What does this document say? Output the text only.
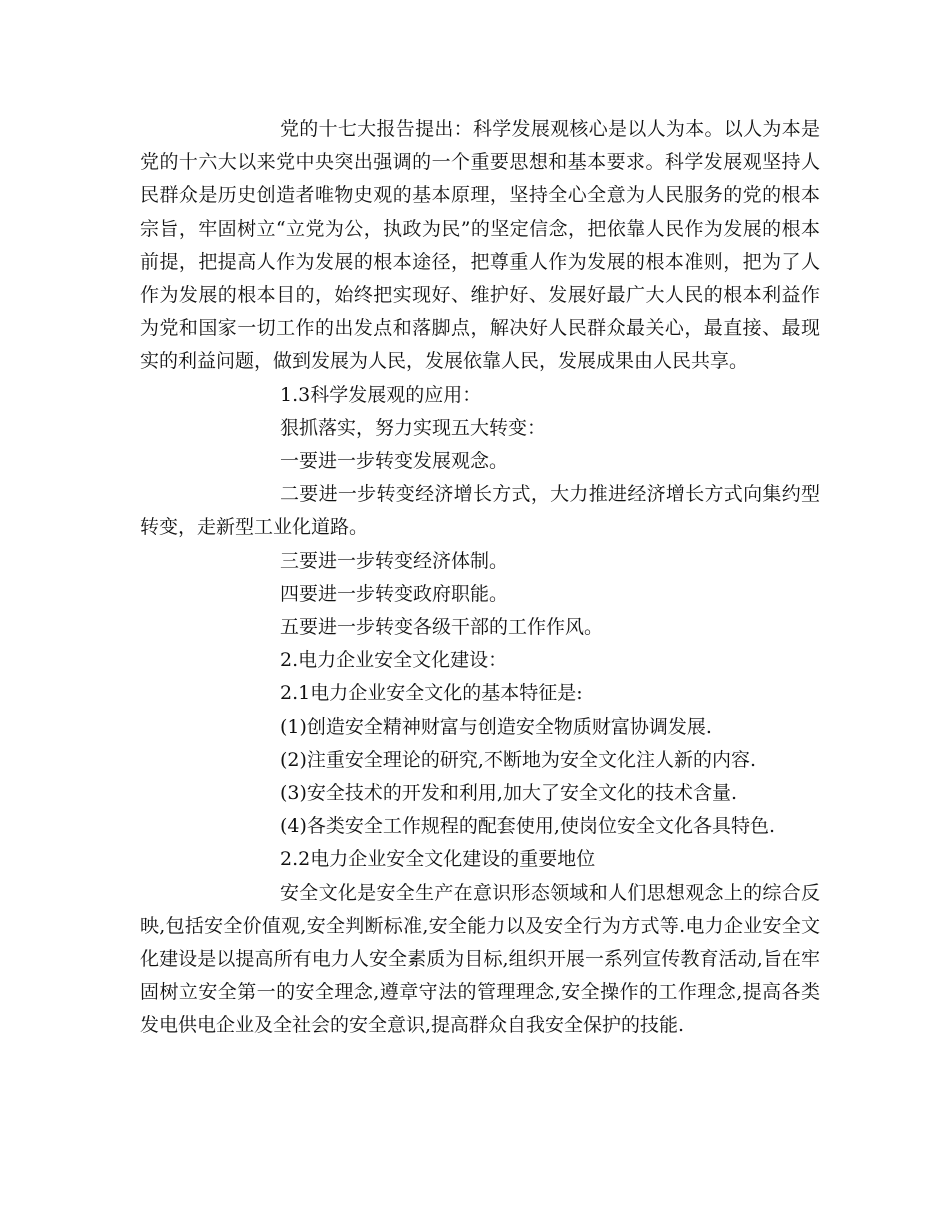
党的十七大报告提出：科学发展观核心是以人为本。以人为本是党的十六大以来党中央突出强调的一个重要思想和基本要求。科学发展观坚持人民群众是历史创造者唯物史观的基本原理，坚持全心全意为人民服务的党的根本宗旨，牢固树立“立党为公，执政为民”的坚定信念，把依靠人民作为发展的根本前提，把提高人作为发展的根本途径，把尊重人作为发展的根本准则，把为了人作为发展的根本目的，始终把实现好、维护好、发展好最广大人民的根本利益作为党和国家一切工作的出发点和落脚点，解决好人民群众最关心，最直接、最现实的利益问题，做到发展为人民，发展依靠人民，发展成果由人民共享。

1.3科学发展观的应用：

狠抓落实，努力实现五大转变：

一要进一步转变发展观念。

二要进一步转变经济增长方式，大力推进经济增长方式向集约型转变，走新型工业化道路。

三要进一步转变经济体制。

四要进一步转变政府职能。

五要进一步转变各级干部的工作作风。

2.电力企业安全文化建设：

2.1电力企业安全文化的基本特征是:

(1)创造安全精神财富与创造安全物质财富协调发展.

(2)注重安全理论的研究,不断地为安全文化注人新的内容.

(3)安全技术的开发和利用,加大了安全文化的技术含量.

(4)各类安全工作规程的配套使用,使岗位安全文化各具特色.

2.2电力企业安全文化建设的重要地位

安全文化是安全生产在意识形态领域和人们思想观念上的综合反映,包括安全价值观,安全判断标准,安全能力以及安全行为方式等.电力企业安全文化建设是以提高所有电力人安全素质为目标,组织开展一系列宣传教育活动,旨在牢固树立安全第一的安全理念,遵章守法的管理理念,安全操作的工作理念,提高各类发电供电企业及全社会的安全意识,提高群众自我安全保护的技能.
